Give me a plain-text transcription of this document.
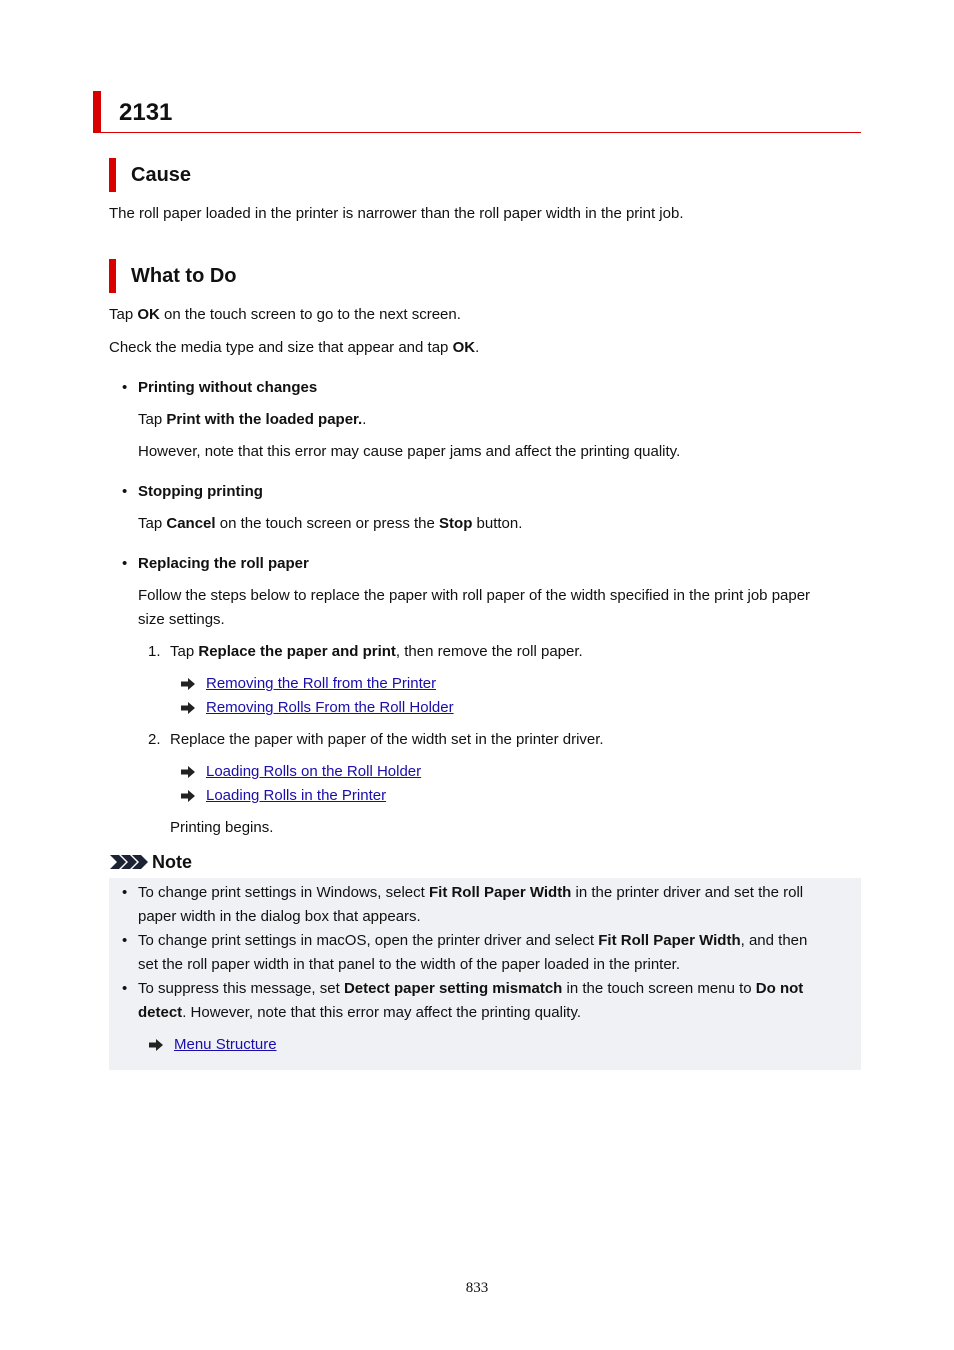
2131
Cause
The roll paper loaded in the printer is narrower than the roll paper width in the print job.
What to Do
Tap OK on the touch screen to go to the next screen.
Check the media type and size that appear and tap OK.
• Printing without changes
Tap Print with the loaded paper..
However, note that this error may cause paper jams and affect the printing quality.
• Stopping printing
Tap Cancel on the touch screen or press the Stop button.
• Replacing the roll paper
Follow the steps below to replace the paper with roll paper of the width specified in the print job paper
size settings.
1. Tap Replace the paper and print, then remove the roll paper.
Removing the Roll from the Printer
Removing Rolls From the Roll Holder
2. Replace the paper with paper of the width set in the printer driver.
Loading Rolls on the Roll Holder
Loading Rolls in the Printer
Printing begins.
Note
• To change print settings in Windows, select Fit Roll Paper Width in the printer driver and set the roll
paper width in the dialog box that appears.
• To change print settings in macOS, open the printer driver and select Fit Roll Paper Width, and then
set the roll paper width in that panel to the width of the paper loaded in the printer.
• To suppress this message, set Detect paper setting mismatch in the touch screen menu to Do not
detect. However, note that this error may affect the printing quality.
Menu Structure
833
